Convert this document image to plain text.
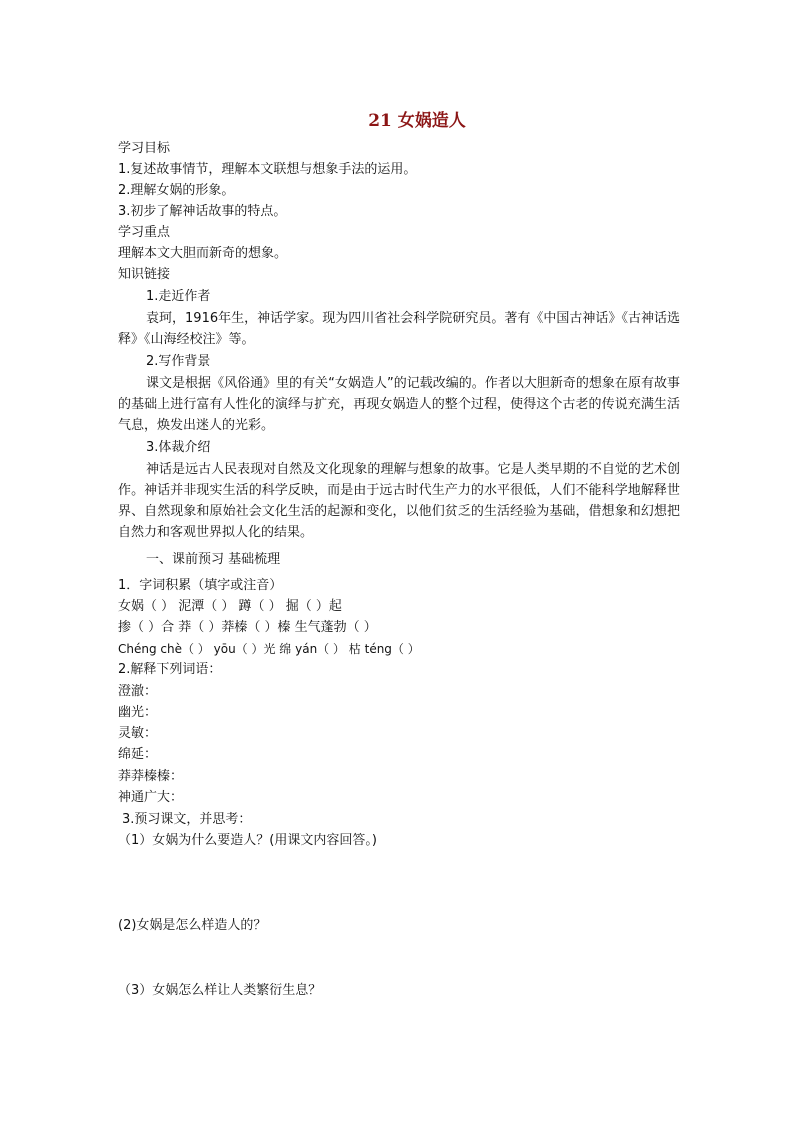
21 女娲造人
学习目标
1.复述故事情节，理解本文联想与想象手法的运用。
2.理解女娲的形象。
3.初步了解神话故事的特点。
学习重点
理解本文大胆而新奇的想象。
知识链接
1.走近作者
袁珂，1916年生，神话学家。现为四川省社会科学院研究员。著有《中国古神话》《古神话选释》《山海经校注》等。
2.写作背景
课文是根据《风俗通》里的有关“女娲造人”的记载改编的。作者以大胆新奇的想象在原有故事的基础上进行富有人性化的演绎与扩充，再现女娲造人的整个过程，使得这个古老的传说充满生活气息，焕发出迷人的光彩。
3.体裁介绍
神话是远古人民表现对自然及文化现象的理解与想象的故事。它是人类早期的不自觉的艺术创作。神话并非现实生活的科学反映，而是由于远古时代生产力的水平很低，人们不能科学地解释世界、自然现象和原始社会文化生活的起源和变化，以他们贫乏的生活经验为基础，借想象和幻想把自然力和客观世界拟人化的结果。
一、课前预习 基础梳理
1．字词积累（填字或注音）
女娲（ ） 泥潭（ ） 蹲（ ） 掘（ ）起
掺（ ）合 莽（ ）莽榛（ ）榛 生气蓬勃（ ）
Chéng chè（ ） yōu（ ）光 绵 yán（ ） 枯 téng（ ）
2.解释下列词语：
澄澈：
幽光：
灵敏：
绵延：
莽莽榛榛：
神通广大：
3.预习课文，并思考：
（1）女娲为什么要造人？(用课文内容回答。)
(2)女娲是怎么样造人的？
（3）女娲怎么样让人类繁衍生息？
